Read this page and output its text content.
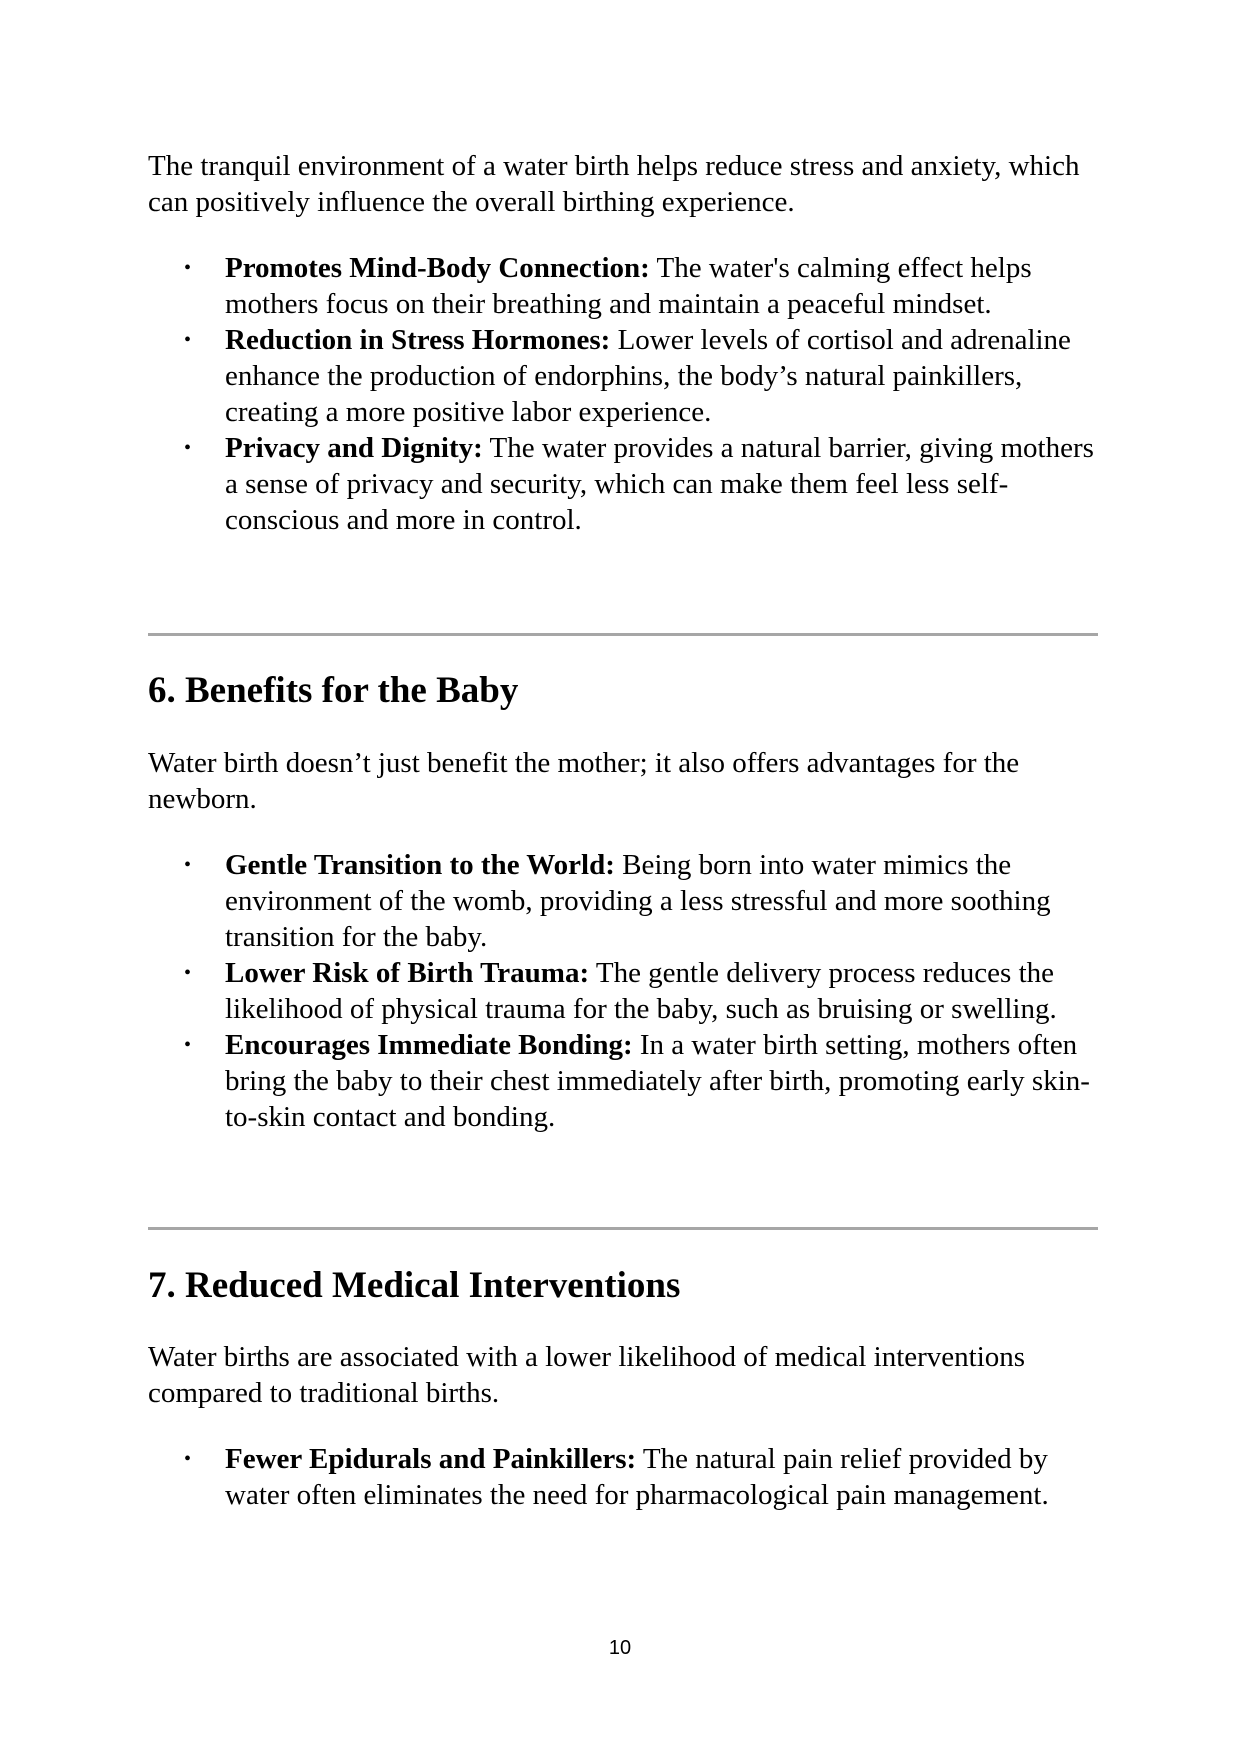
The tranquil environment of a water birth helps reduce stress and anxiety, which can positively influence the overall birthing experience.

• Promotes Mind-Body Connection: The water's calming effect helps mothers focus on their breathing and maintain a peaceful mindset.
• Reduction in Stress Hormones: Lower levels of cortisol and adrenaline enhance the production of endorphins, the body’s natural painkillers, creating a more positive labor experience.
• Privacy and Dignity: The water provides a natural barrier, giving mothers a sense of privacy and security, which can make them feel less self-conscious and more in control.
6. Benefits for the Baby

Water birth doesn’t just benefit the mother; it also offers advantages for the newborn.

• Gentle Transition to the World: Being born into water mimics the environment of the womb, providing a less stressful and more soothing transition for the baby.
• Lower Risk of Birth Trauma: The gentle delivery process reduces the likelihood of physical trauma for the baby, such as bruising or swelling.
• Encourages Immediate Bonding: In a water birth setting, mothers often bring the baby to their chest immediately after birth, promoting early skin-to-skin contact and bonding.
7. Reduced Medical Interventions

Water births are associated with a lower likelihood of medical interventions compared to traditional births.

• Fewer Epidurals and Painkillers: The natural pain relief provided by water often eliminates the need for pharmacological pain management.
10
